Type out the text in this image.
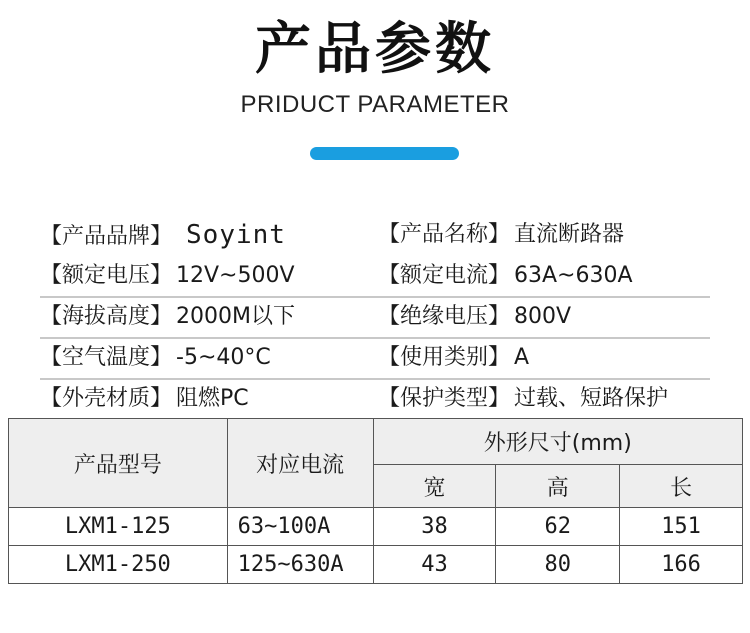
产品参数
PRIDUCT PARAMETER
【产品品牌】 Soyint	【产品名称】 直流断路器
【额定电压】 12V~500V	【额定电流】 63A~630A
【海拔高度】 2000M以下	【绝缘电压】 800V
【空气温度】 -5~40°C	【使用类别】 A
【外壳材质】 阻燃PC	【保护类型】 过载、短路保护
产品型号	对应电流	外形尺寸(mm)		
		宽	高	长
LXM1-125	63~100A	38	62	151
LXM1-250	125~630A	43	80	166
